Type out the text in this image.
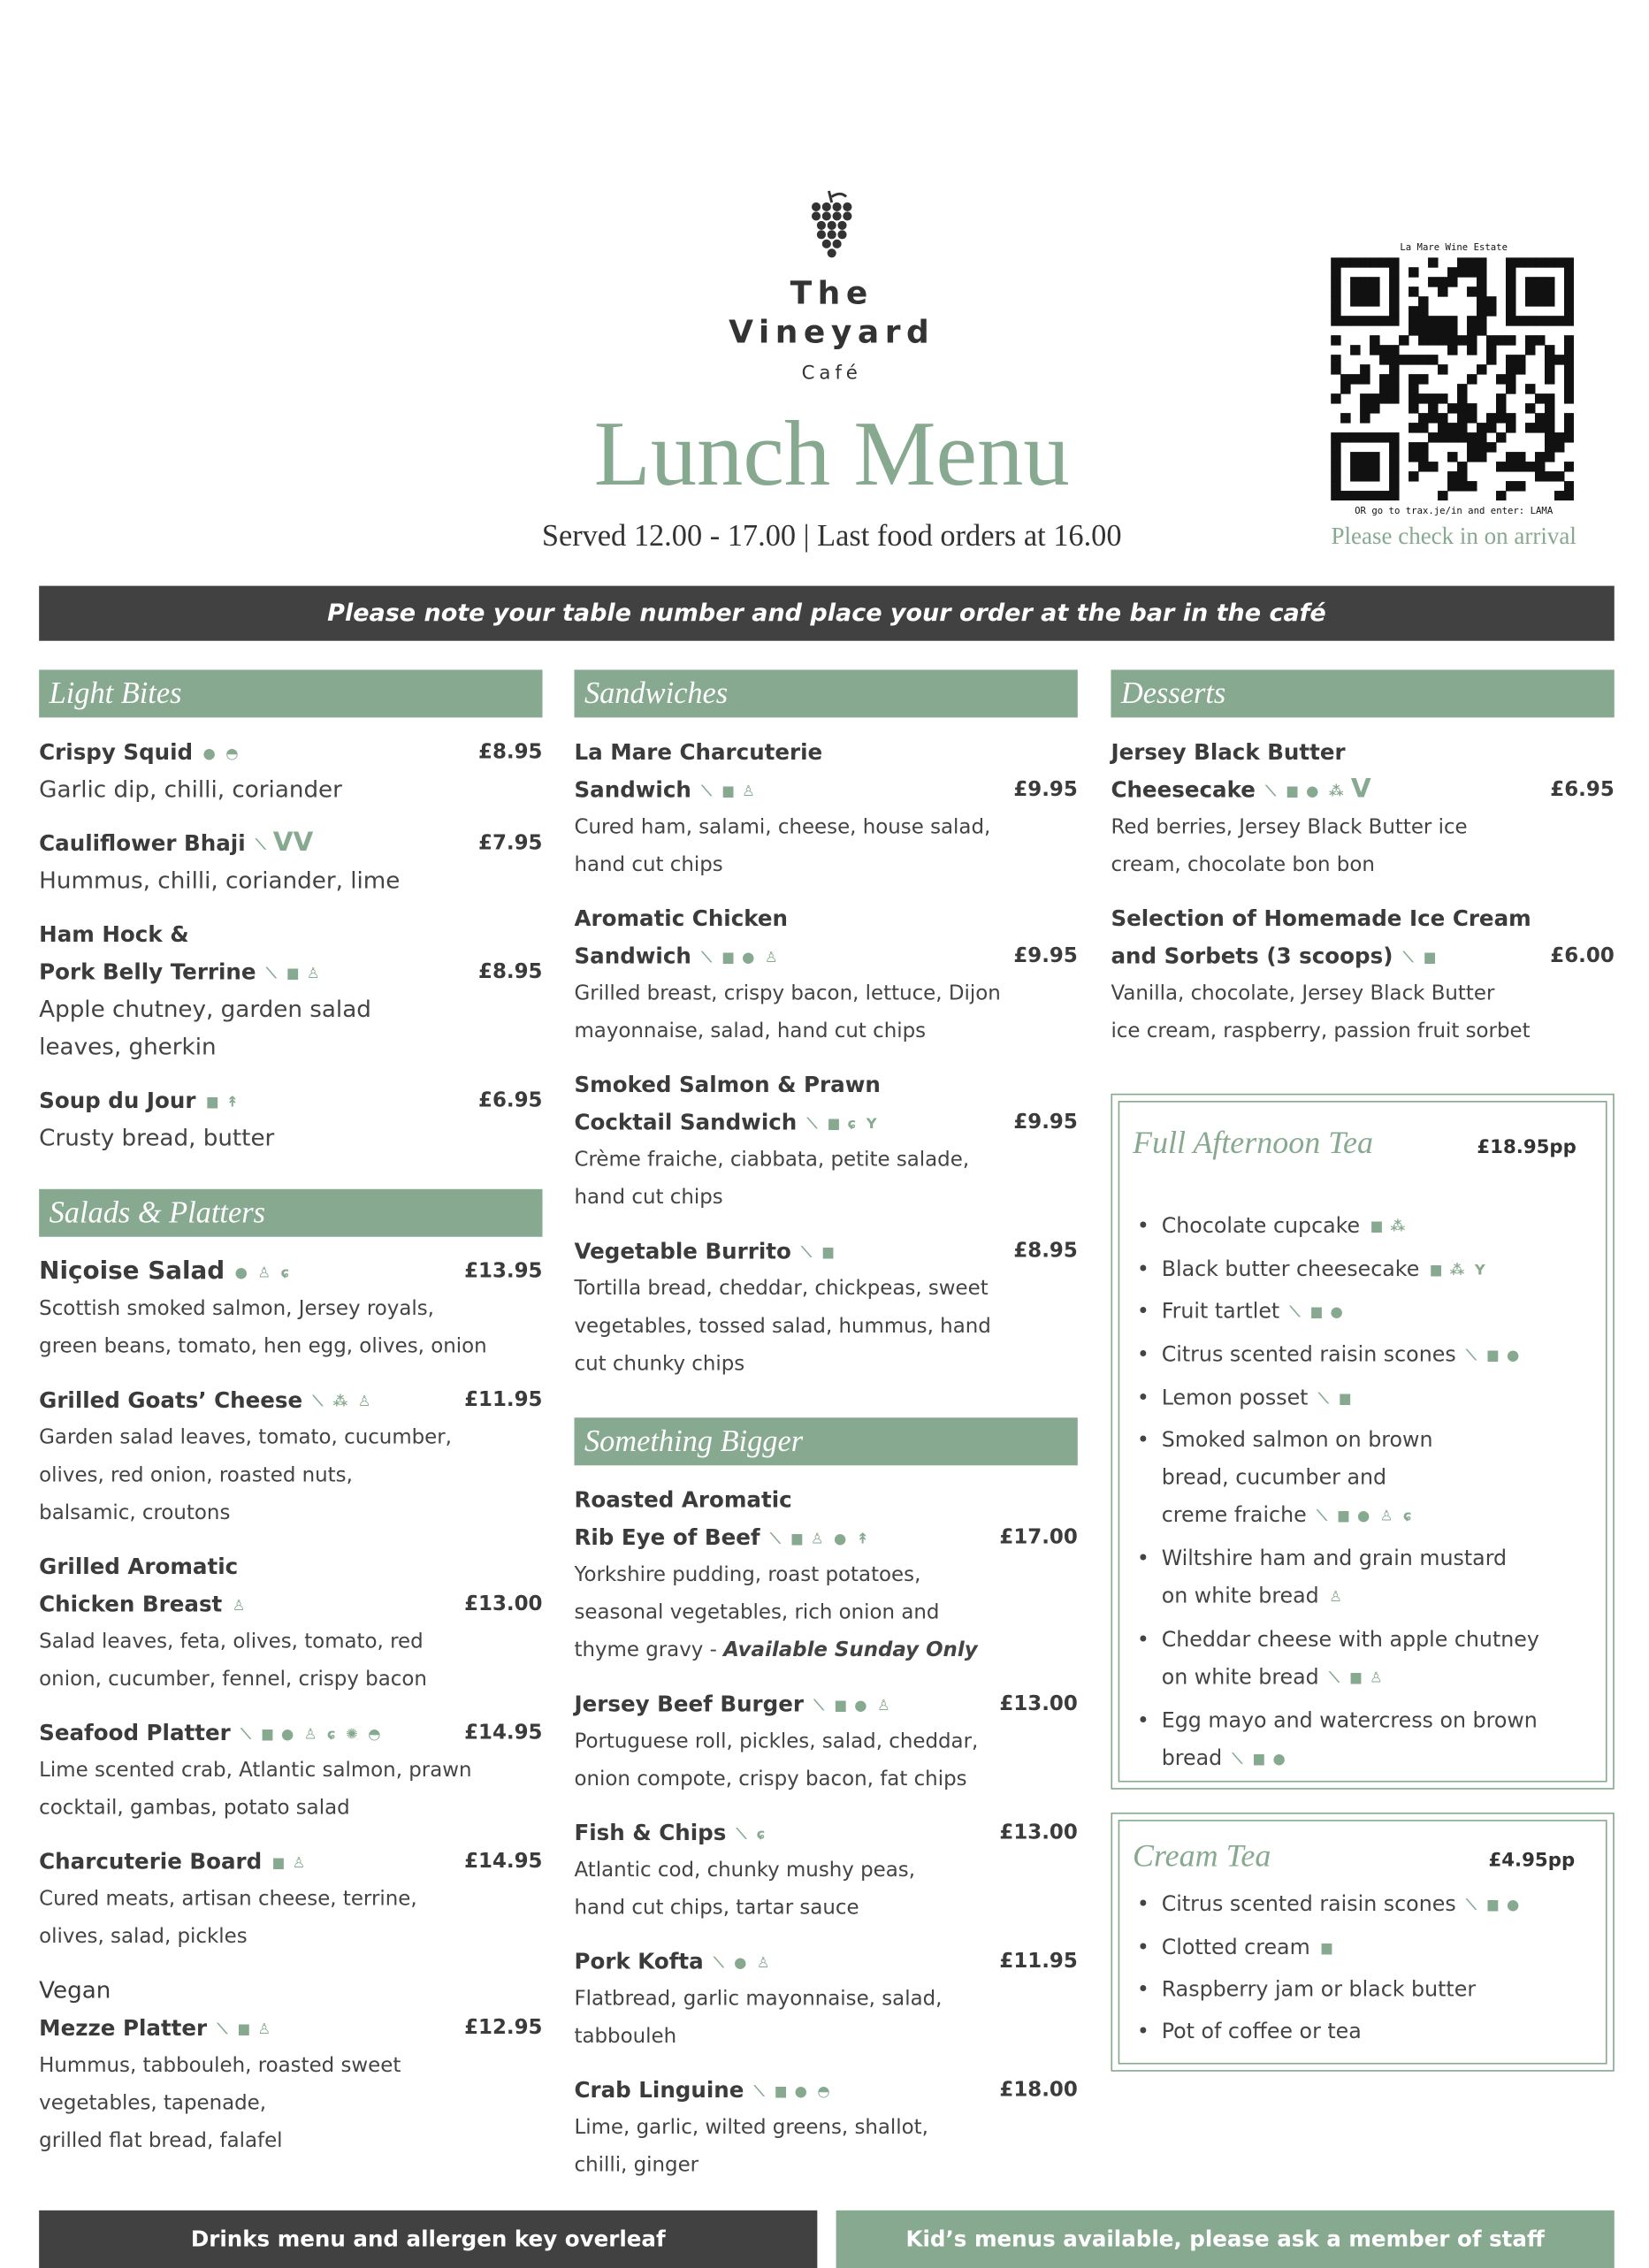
The
Vineyard
Café
Lunch Menu
Served 12.00 - 17.00 | Last food orders at 16.00
La Mare Wine Estate
OR go to trax.je/in and enter: LAMA
Please check in on arrival
Please note your table number and place your order at the bar in the café
Light Bites
Crispy Squid ● ◓	£8.95
Garlic dip, chilli, coriander
Cauliflower Bhaji ⟍ VV	£7.95
Hummus, chilli, coriander, lime
Ham Hock &
Pork Belly Terrine ⟍ ▮▮ ♙	£8.95
Apple chutney, garden salad
leaves, gherkin
Soup du Jour ▮▮ ↟	£6.95
Crusty bread, butter
Salads & Platters
Niçoise Salad ● ♙ ɕ	£13.95
Scottish smoked salmon, Jersey royals,
green beans, tomato, hen egg, olives, onion
Grilled Goats’ Cheese ⟍ ⁂ ♙	£11.95
Garden salad leaves, tomato, cucumber,
olives, red onion, roasted nuts,
balsamic, croutons
Grilled Aromatic
Chicken Breast ♙	£13.00
Salad leaves, feta, olives, tomato, red
onion, cucumber, fennel, crispy bacon
Seafood Platter ⟍ ▮▮ ● ♙ ɕ ✺ ◓	£14.95
Lime scented crab, Atlantic salmon, prawn
cocktail, gambas, potato salad
Charcuterie Board ▮▮ ♙	£14.95
Cured meats, artisan cheese, terrine,
olives, salad, pickles
Vegan
Mezze Platter ⟍ ▮▮ ♙	£12.95
Hummus, tabbouleh, roasted sweet
vegetables, tapenade,
grilled flat bread, falafel
Sandwiches
La Mare Charcuterie
Sandwich ⟍ ▮▮ ♙	£9.95
Cured ham, salami, cheese, house salad,
hand cut chips
Aromatic Chicken
Sandwich ⟍ ▮▮ ● ♙	£9.95
Grilled breast, crispy bacon, lettuce, Dijon
mayonnaise, salad, hand cut chips
Smoked Salmon & Prawn
Cocktail Sandwich ⟍ ▮▮ ɕ Y	£9.95
Crème fraiche, ciabbata, petite salade,
hand cut chips
Vegetable Burrito ⟍ ▮▮	£8.95
Tortilla bread, cheddar, chickpeas, sweet
vegetables, tossed salad, hummus, hand
cut chunky chips
Something Bigger
Roasted Aromatic
Rib Eye of Beef ⟍ ▮▮ ♙ ● ↟	£17.00
Yorkshire pudding, roast potatoes,
seasonal vegetables, rich onion and
thyme gravy - Available Sunday Only
Jersey Beef Burger ⟍ ▮▮ ● ♙	£13.00
Portuguese roll, pickles, salad, cheddar,
onion compote, crispy bacon, fat chips
Fish & Chips ⟍ ɕ	£13.00
Atlantic cod, chunky mushy peas,
hand cut chips, tartar sauce
Pork Kofta ⟍ ● ♙	£11.95
Flatbread, garlic mayonnaise, salad,
tabbouleh
Crab Linguine ⟍ ▮▮ ● ◓	£18.00
Lime, garlic, wilted greens, shallot,
chilli, ginger
Desserts
Jersey Black Butter
Cheesecake ⟍ ▮▮ ● ⁂ V	£6.95
Red berries, Jersey Black Butter ice
cream, chocolate bon bon
Selection of Homemade Ice Cream
and Sorbets (3 scoops) ⟍ ▮▮	£6.00
Vanilla, chocolate, Jersey Black Butter
ice cream, raspberry, passion fruit sorbet
Full Afternoon Tea	£18.95pp
• Chocolate cupcake ▮▮ ⁂
• Black butter cheesecake ▮▮ ⁂ Y
• Fruit tartlet ⟍ ▮▮ ●
• Citrus scented raisin scones ⟍ ▮▮ ●
• Lemon posset ⟍ ▮▮
• Smoked salmon on brown
bread, cucumber and
creme fraiche ⟍ ▮▮ ● ♙ ɕ
• Wiltshire ham and grain mustard
on white bread ♙
• Cheddar cheese with apple chutney
on white bread ⟍ ▮▮ ♙
• Egg mayo and watercress on brown
bread ⟍ ▮▮ ●
Cream Tea	£4.95pp
• Citrus scented raisin scones ⟍ ▮▮ ●
• Clotted cream ▮▮
• Raspberry jam or black butter
• Pot of coffee or tea
Drinks menu and allergen key overleaf	Kid’s menus available, please ask a member of staff
